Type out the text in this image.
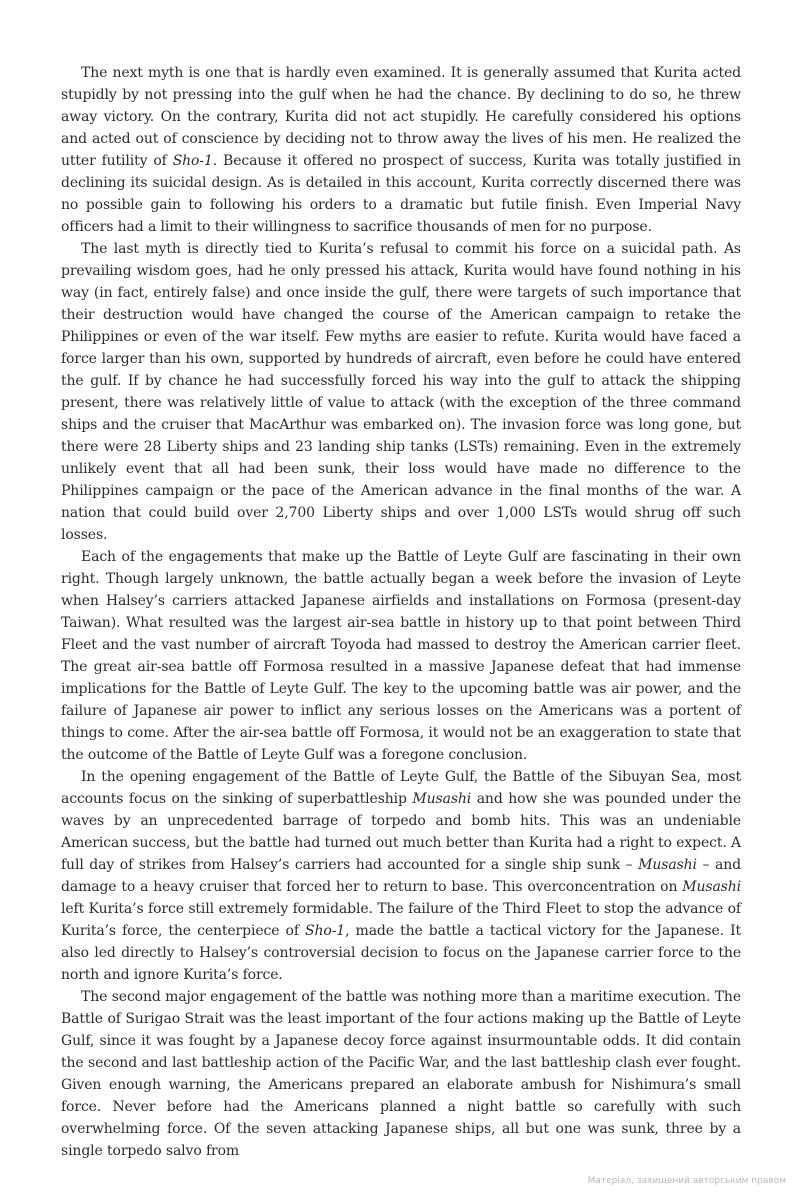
The next myth is one that is hardly even examined. It is generally assumed that Kurita acted stupidly by not pressing into the gulf when he had the chance. By declining to do so, he threw away victory. On the contrary, Kurita did not act stupidly. He carefully considered his options and acted out of conscience by deciding not to throw away the lives of his men. He realized the utter futility of Sho-1. Because it offered no prospect of success, Kurita was totally justified in declining its suicidal design. As is detailed in this account, Kurita correctly discerned there was no possible gain to following his orders to a dramatic but futile finish. Even Imperial Navy officers had a limit to their willingness to sacrifice thousands of men for no purpose.

The last myth is directly tied to Kurita’s refusal to commit his force on a suicidal path. As prevailing wisdom goes, had he only pressed his attack, Kurita would have found nothing in his way (in fact, entirely false) and once inside the gulf, there were targets of such importance that their destruction would have changed the course of the American campaign to retake the Philippines or even of the war itself. Few myths are easier to refute. Kurita would have faced a force larger than his own, supported by hundreds of aircraft, even before he could have entered the gulf. If by chance he had successfully forced his way into the gulf to attack the shipping present, there was relatively little of value to attack (with the exception of the three command ships and the cruiser that MacArthur was embarked on). The invasion force was long gone, but there were 28 Liberty ships and 23 landing ship tanks (LSTs) remaining. Even in the extremely unlikely event that all had been sunk, their loss would have made no difference to the Philippines campaign or the pace of the American advance in the final months of the war. A nation that could build over 2,700 Liberty ships and over 1,000 LSTs would shrug off such losses.

Each of the engagements that make up the Battle of Leyte Gulf are fascinating in their own right. Though largely unknown, the battle actually began a week before the invasion of Leyte when Halsey’s carriers attacked Japanese airfields and installations on Formosa (present-day Taiwan). What resulted was the largest air-sea battle in history up to that point between Third Fleet and the vast number of aircraft Toyoda had massed to destroy the American carrier fleet. The great air-sea battle off Formosa resulted in a massive Japanese defeat that had immense implications for the Battle of Leyte Gulf. The key to the upcoming battle was air power, and the failure of Japanese air power to inflict any serious losses on the Americans was a portent of things to come. After the air-sea battle off Formosa, it would not be an exaggeration to state that the outcome of the Battle of Leyte Gulf was a foregone conclusion.

In the opening engagement of the Battle of Leyte Gulf, the Battle of the Sibuyan Sea, most accounts focus on the sinking of superbattleship Musashi and how she was pounded under the waves by an unprecedented barrage of torpedo and bomb hits. This was an undeniable American success, but the battle had turned out much better than Kurita had a right to expect. A full day of strikes from Halsey’s carriers had accounted for a single ship sunk – Musashi – and damage to a heavy cruiser that forced her to return to base. This overconcentration on Musashi left Kurita’s force still extremely formidable. The failure of the Third Fleet to stop the advance of Kurita’s force, the centerpiece of Sho-1, made the battle a tactical victory for the Japanese. It also led directly to Halsey’s controversial decision to focus on the Japanese carrier force to the north and ignore Kurita’s force.

The second major engagement of the battle was nothing more than a maritime execution. The Battle of Surigao Strait was the least important of the four actions making up the Battle of Leyte Gulf, since it was fought by a Japanese decoy force against insurmountable odds. It did contain the second and last battleship action of the Pacific War, and the last battleship clash ever fought. Given enough warning, the Americans prepared an elaborate ambush for Nishimura’s small force. Never before had the Americans planned a night battle so carefully with such overwhelming force. Of the seven attacking Japanese ships, all but one was sunk, three by a single torpedo salvo from

Матеріал, захищений авторським правом
